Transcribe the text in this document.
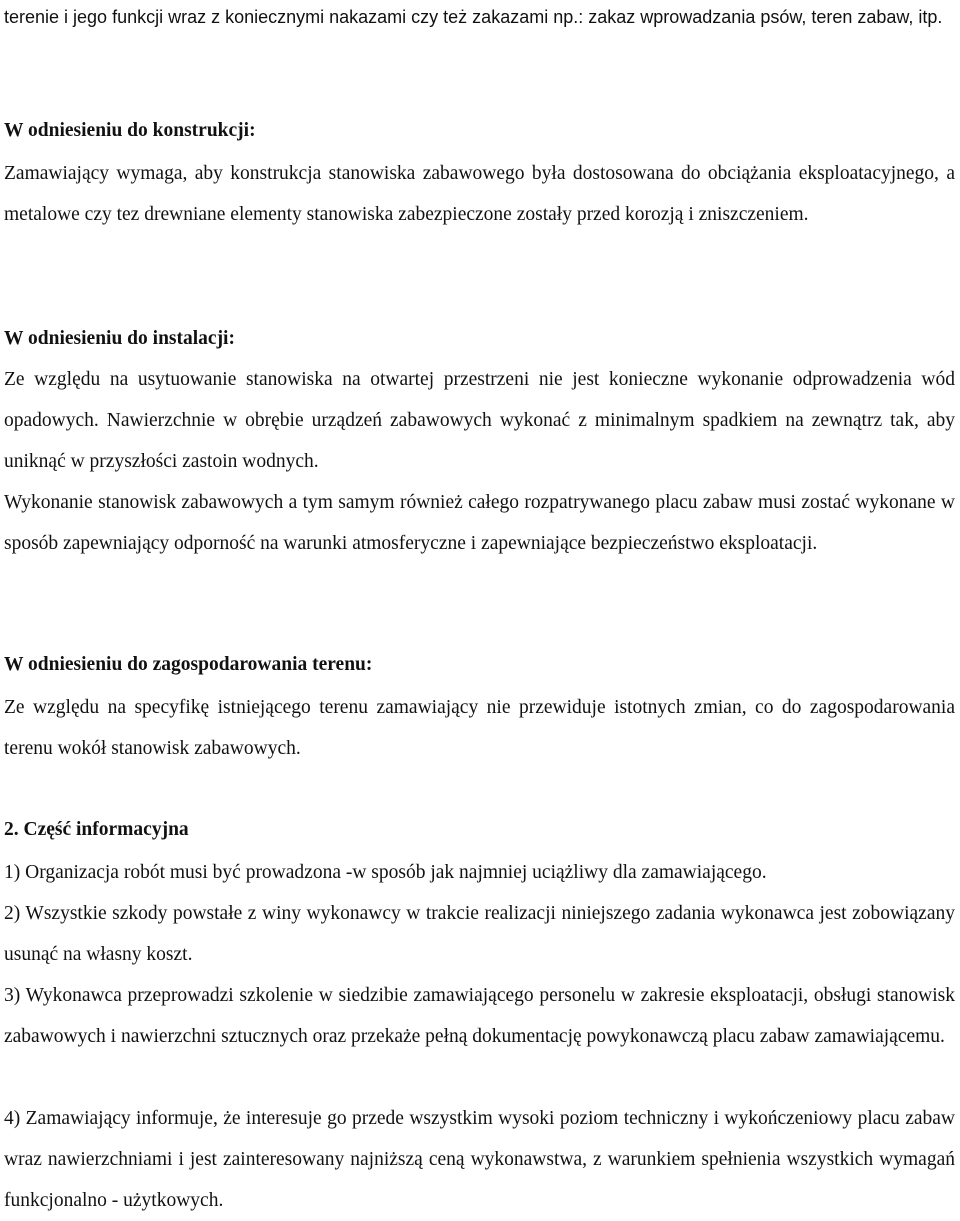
terenie i jego funkcji wraz z koniecznymi nakazami czy też zakazami np.: zakaz wprowadzania psów, teren zabaw, itp.

W odniesieniu do konstrukcji:

Zamawiający wymaga, aby konstrukcja stanowiska zabawowego była dostosowana do obciążania eksploatacyjnego, a metalowe czy tez drewniane elementy stanowiska zabezpieczone zostały przed korozją i zniszczeniem.

W odniesieniu do instalacji:

Ze względu na usytuowanie stanowiska na otwartej przestrzeni nie jest konieczne wykonanie odprowadzenia wód opadowych. Nawierzchnie w obrębie urządzeń zabawowych wykonać z minimalnym spadkiem na zewnątrz tak, aby uniknąć w przyszłości zastoin wodnych.

Wykonanie stanowisk zabawowych a tym samym również całego rozpatrywanego placu zabaw musi zostać wykonane w sposób zapewniający odporność na warunki atmosferyczne i zapewniające bezpieczeństwo eksploatacji.

W odniesieniu do zagospodarowania terenu:

Ze względu na specyfikę istniejącego terenu zamawiający nie przewiduje istotnych zmian, co do zagospodarowania terenu wokół stanowisk zabawowych.

2. Część informacyjna

1) Organizacja robót musi być prowadzona -w sposób jak najmniej uciążliwy dla zamawiającego.

2) Wszystkie szkody powstałe z winy wykonawcy w trakcie realizacji niniejszego zadania wykonawca jest zobowiązany usunąć na własny koszt.

3) Wykonawca przeprowadzi szkolenie w siedzibie zamawiającego personelu w zakresie eksploatacji, obsługi stanowisk zabawowych i nawierzchni sztucznych oraz przekaże pełną dokumentację powykonawczą placu zabaw zamawiającemu.

4) Zamawiający informuje, że interesuje go przede wszystkim wysoki poziom techniczny i wykończeniowy placu zabaw wraz nawierzchniami i jest zainteresowany najniższą ceną wykonawstwa, z warunkiem spełnienia wszystkich wymagań funkcjonalno - użytkowych.
